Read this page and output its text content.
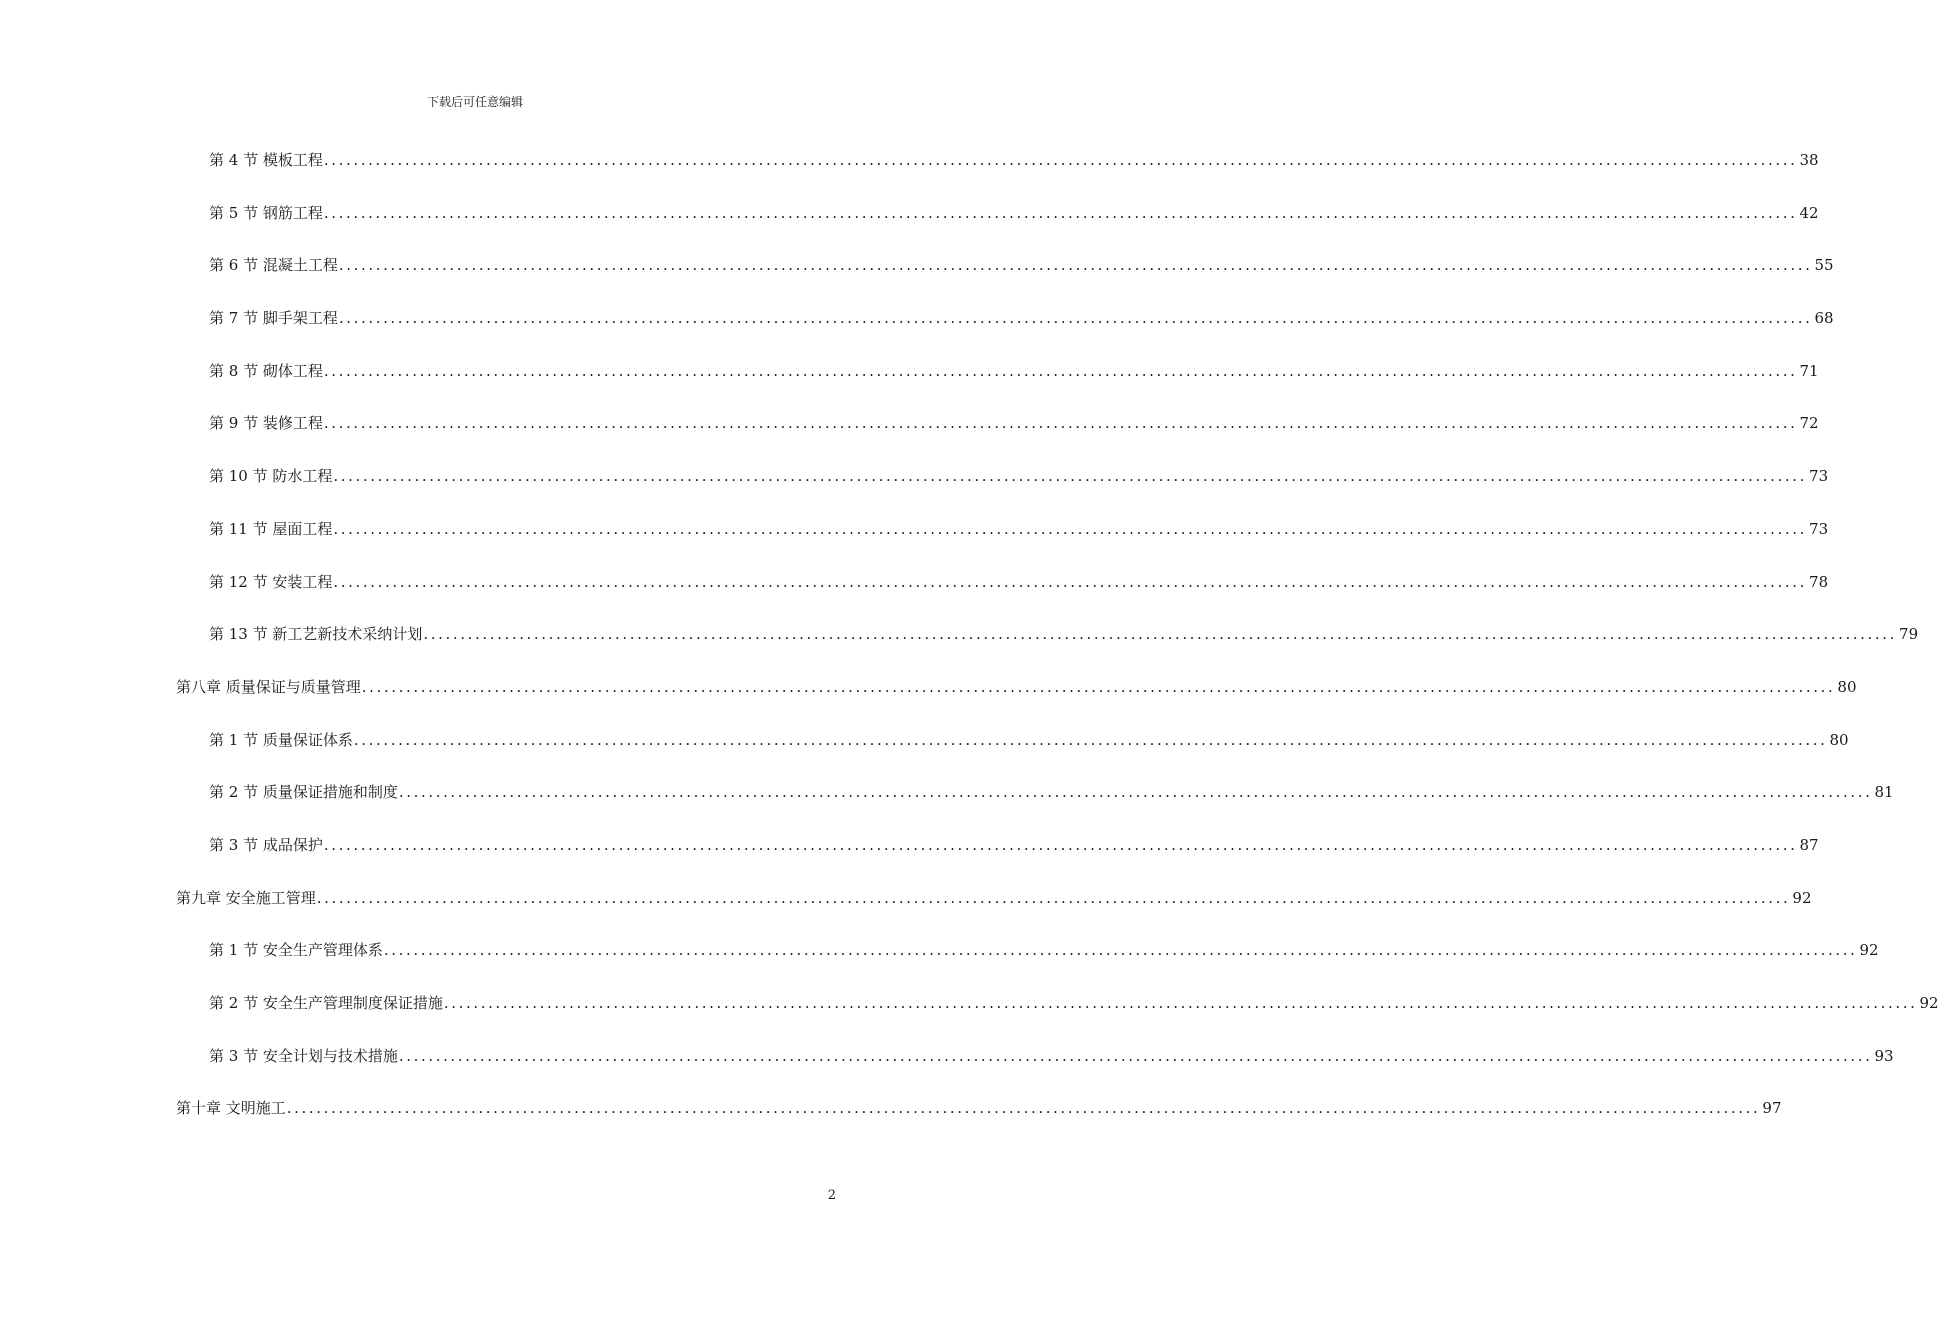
下载后可任意编辑
第 4 节 模板工程 ........................................................................................................................................................................................................ 38
第 5 节 钢筋工程 ........................................................................................................................................................................................................ 42
第 6 节 混凝土工程 ........................................................................................................................................................................................................ 55
第 7 节 脚手架工程 ........................................................................................................................................................................................................ 68
第 8 节 砌体工程 ........................................................................................................................................................................................................ 71
第 9 节 装修工程 ........................................................................................................................................................................................................ 72
第 10 节 防水工程 ........................................................................................................................................................................................................ 73
第 11 节 屋面工程 ........................................................................................................................................................................................................ 73
第 12 节 安装工程 ........................................................................................................................................................................................................ 78
第 13 节 新工艺新技术采纳计划 ........................................................................................................................................................................................................ 79
第八章 质量保证与质量管理 ........................................................................................................................................................................................................ 80
第 1 节 质量保证体系 ........................................................................................................................................................................................................ 80
第 2 节 质量保证措施和制度 ........................................................................................................................................................................................................ 81
第 3 节 成品保护 ........................................................................................................................................................................................................ 87
第九章 安全施工管理 ........................................................................................................................................................................................................ 92
第 1 节 安全生产管理体系 ........................................................................................................................................................................................................ 92
第 2 节 安全生产管理制度保证措施 ........................................................................................................................................................................................................ 92
第 3 节 安全计划与技术措施 ........................................................................................................................................................................................................ 93
第十章 文明施工 ........................................................................................................................................................................................................ 97
2
